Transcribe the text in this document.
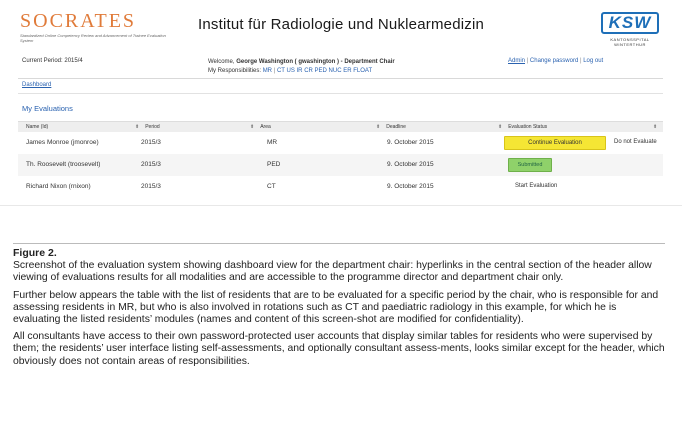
SOCRATES
Standardized Online Competency Review and Advancement of Trainee Evaluation System
Institut für Radiologie und Nuklearmedizin	KSW
KANTONSSPITAL WINTERTHUR
Current Period: 2015/4	Welcome, George Washington ( gwashington ) - Department Chair
My Responsibilities: MR | CT US IR CR PED NUC ER FLOAT
Admin | Change password | Log out
Dashboard
My Evaluations
Name (Id)	⬍ Period	⬍ Area	⬍ Deadline	⬍ Evaluation Status	⬍
James Monroe (jmonroe)	2015/3	MR	9. October 2015	Continue Evaluation	Do not Evaluate
Th. Roosevelt (troosevelt)	2015/3	PED	9. October 2015	Submitted
Richard Nixon (rnixon)	2015/3	CT	9. October 2015	Start Evaluation
Figure 2.
Screenshot of the evaluation system showing dashboard view for the department chair: hyperlinks in the central section of the header allow viewing of evaluations results for all modalities and are accessible to the programme director and department chair only.
Further below appears the table with the list of residents that are to be evaluated for a specific period by the chair, who is responsible for and assessing residents in MR, but who is also involved in rotations such as CT and paediatric radiology in this example, for which he is evaluating the listed residents’ modules (names and content of this screen-shot are modified for confidentiality).
All consultants have access to their own password-protected user accounts that display similar tables for residents who were supervised by them; the residents’ user interface listing self-assessments, and optionally consultant assess-ments, looks similar except for the header, which obviously does not contain areas of responsibilities.
